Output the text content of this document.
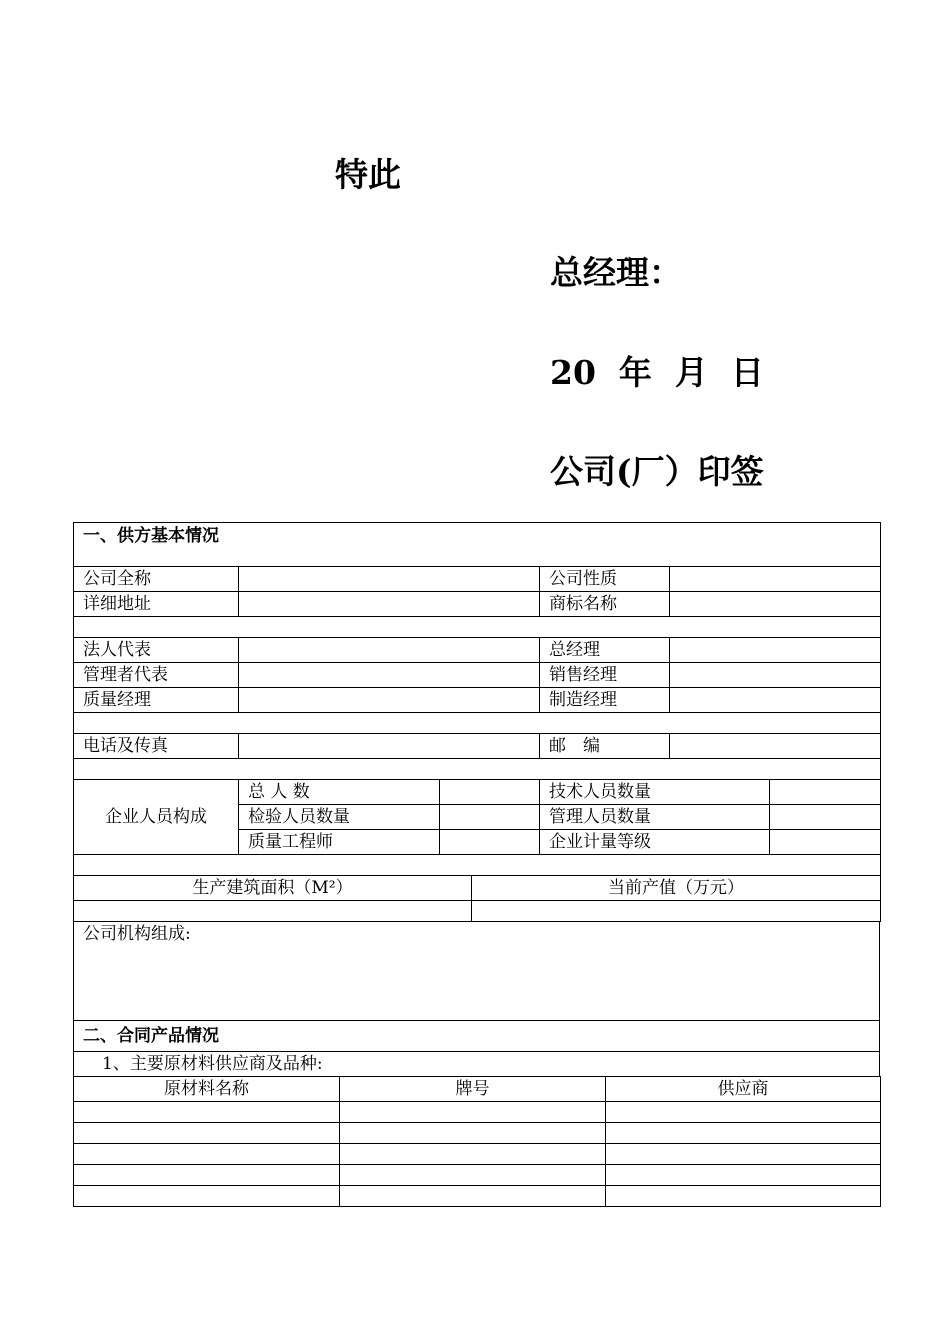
特此
总经理：
20 年 月 日
公司(厂）印签
一、供方基本情况			
公司全称		公司性质	
详细地址		商标名称	

法人代表		总经理	
管理者代表		销售经理	
质量经理		制造经理	

电话及传真		邮　编	

企业人员构成	总 人 数		技术人员数量	
	检验人员数量		管理人员数量	
	质量工程师		企业计量等级	

生产建筑面积（M²）	当前产值（万元）

公司机构组成:
二、合同产品情况
1、主要原材料供应商及品种:
原材料名称	牌号	供应商
